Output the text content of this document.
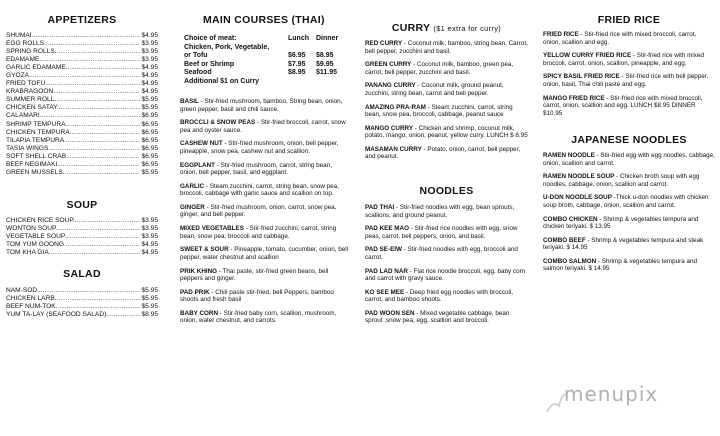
APPETIZERS
SHUMAI .....	$4.95
EGG ROLLS .....	$3.95
SPRING ROLLS .....	$3.95
EDAMAME .....	$3.95
GARLIC EDAMAME .....	$4.95
GYOZA .....	$4.95
FRIED TOFU .....	$4.95
KRABRAGOON .....	$4.95
SUMMER ROLL .....	$5.95
CHICKEN SATAY .....	$5.95
CALAMARI .....	$6.95
SHRIMP TEMPURA .....	$6.95
CHICKEN TEMPURA .....	$6.95
TILAPIA TEMPURA .....	$6.95
TASIA WINGS .....	$6.95
SOFT SHELL CRAB .....	$6.95
BEEF NEGIMAKI .....	$6.95
GREEN MUSSELS .....	$5.95
SOUP
CHICKEN RICE SOUP .....	$3.95
WONTON SOUP .....	$3.95
VEGETABLE SOUP .....	$3.95
TOM YUM GOONG .....	$4.95
TOM KHA GIA .....	$4.95
SALAD
NAM-SOD .....	$5.95
CHICKEN LARB .....	$5.95
BEEF NUM-TOK .....	$5.95
YUM TA-LAY (SEAFOOD SALAD) .....	$8.95
MAIN COURSES (THAI)
Choice of meat:	Lunch	Dinner
Chicken, Pork, Vegetable,		
or Tofu	$6.95	$8.95
Beef or Shrimp	$7.95	$9.95
Seafood	$8.95	$11.95
Additional $1 on Curry
BASIL - Stir-fried mushroom, bamboo, String bean, onion, green pepper, basil and chili sauce.
BROCCLI & SNOW PEAS - Stir-fried broccoli, carrot, snow pea and oyster sauce.
CASHEW NUT - Stir-fried mushroom, onion, bell pepper, pineapple, snow pea, cashew nut and scallion.
EGGPLANT - Stir-fried mushroom, carrot, string bean, onion, bell pepper, basil, and eggplant.
GARLIC - Steam zucchini, carrot, string bean, snow pea, broccoli, cabbage with garlic sauce and scallion on top.
GINGER - Stir-fried mushroom, onion, carrot, snow pea, ginger, and bell pepper.
MIXED VEGETABLES - Stir-fried zucchini, carrot, string bean, snow pea, broccoli and cabbage.
SWEET & SOUR - Pineapple, tomato, cucumber, onion, bell pepper, water chestnut and scallion
PRIK KHING - Thai paste, stir-fried green beans, bell peppers and ginger.
PAD PRIK - Chili paste stir-fried, bell Peppers, bamboo shoots and fresh basil
BABY CORN - Stir-fried baby corn, scallion, mushroom, onion, water chestnut, and carrots.
CURRY ($1 extra for curry)
RED CURRY - Coconut milk, bamboo, string bean, Carrot, bell pepper, zucchini and basil.
GREEN CURRY - Coconut milk, bamboo, green pea, carrot, bell pepper, zucchini and basil.
PANANG CURRY - Coconut milk, ground peanut, zucchini, string bean, carrot and bell pepper.
AMAZING PRA-RAM - Steam zucchini, carrot, string bean, snow pea, broccoli, cabbage, peanut sauce
MANGO CURRY - Chicken and shrimp, coconut milk, potato, mango, onion, peanut, yellow curry. LUNCH $ 8.95
MASAMAN CURRY - Potato, onion, carrot, bell pepper, and peanut.
NOODLES
PAD THAI - Stir-fried noodles with egg, bean sprouts, scallions, and ground peanut.
PAD KEE MAO - Stir-fried rice noodles with egg, snow peas, carrot, bell peppers, onion, and basil.
PAD SE-EIW - Stir-fried noodles with egg, broccoli and carrot.
PAD LAD NAR - Flat rice noodle broccoli, egg, baby corn and carrot with gravy sauce.
KO SEE MEE - Deep fried egg noodles with broccoli, carrot, and bamboo shoots.
PAD WOON SEN - Mixed vegetable cabbage, bean sprout ,snow pea, egg, scallion and broccoli.
FRIED RICE
FRIED RICE - Stir-fried rice with mixed broccoli, carrot, onion, scallion and egg.
YELLOW CURRY FRIED RICE - Stir-fried rice with mixed broccoli, carrot, onion, scallion, pineapple, and egg.
SPICY BASIL FRIED RICE - Stir-fried rice with bell pepper, onion, basil, Thai chili paste and egg.
MANGO FRIED RICE - Stir-fried rice with mixed broccoli, carrot, onion, scallion and egg. LUNCH $8.95 DINNER $10.95
JAPANESE NOODLES
RAMEN NOODLE - Stir-fried egg with egg noodles, cabbage, onion, scallion and carrot.
RAMEN NOODLE SOUP - Chicken broth soup with egg noodles, cabbage, onion, scallion and carrot.
U-DON NOODLE SOUP -Thick u-don noodles with chicken soup broth, cabbage, onion, scallion and carrot.
COMBO CHICKEN - Shrimp & vegetables tempura and chicken teriyaki. $ 13.95
COMBO BEEF - Shrimp & vegetables tempura and steak teriyaki. $ 14.95
COMBO SALMON - Shrimp & vegetables tempura and salmon teriyaki. $ 14.95
menupix
